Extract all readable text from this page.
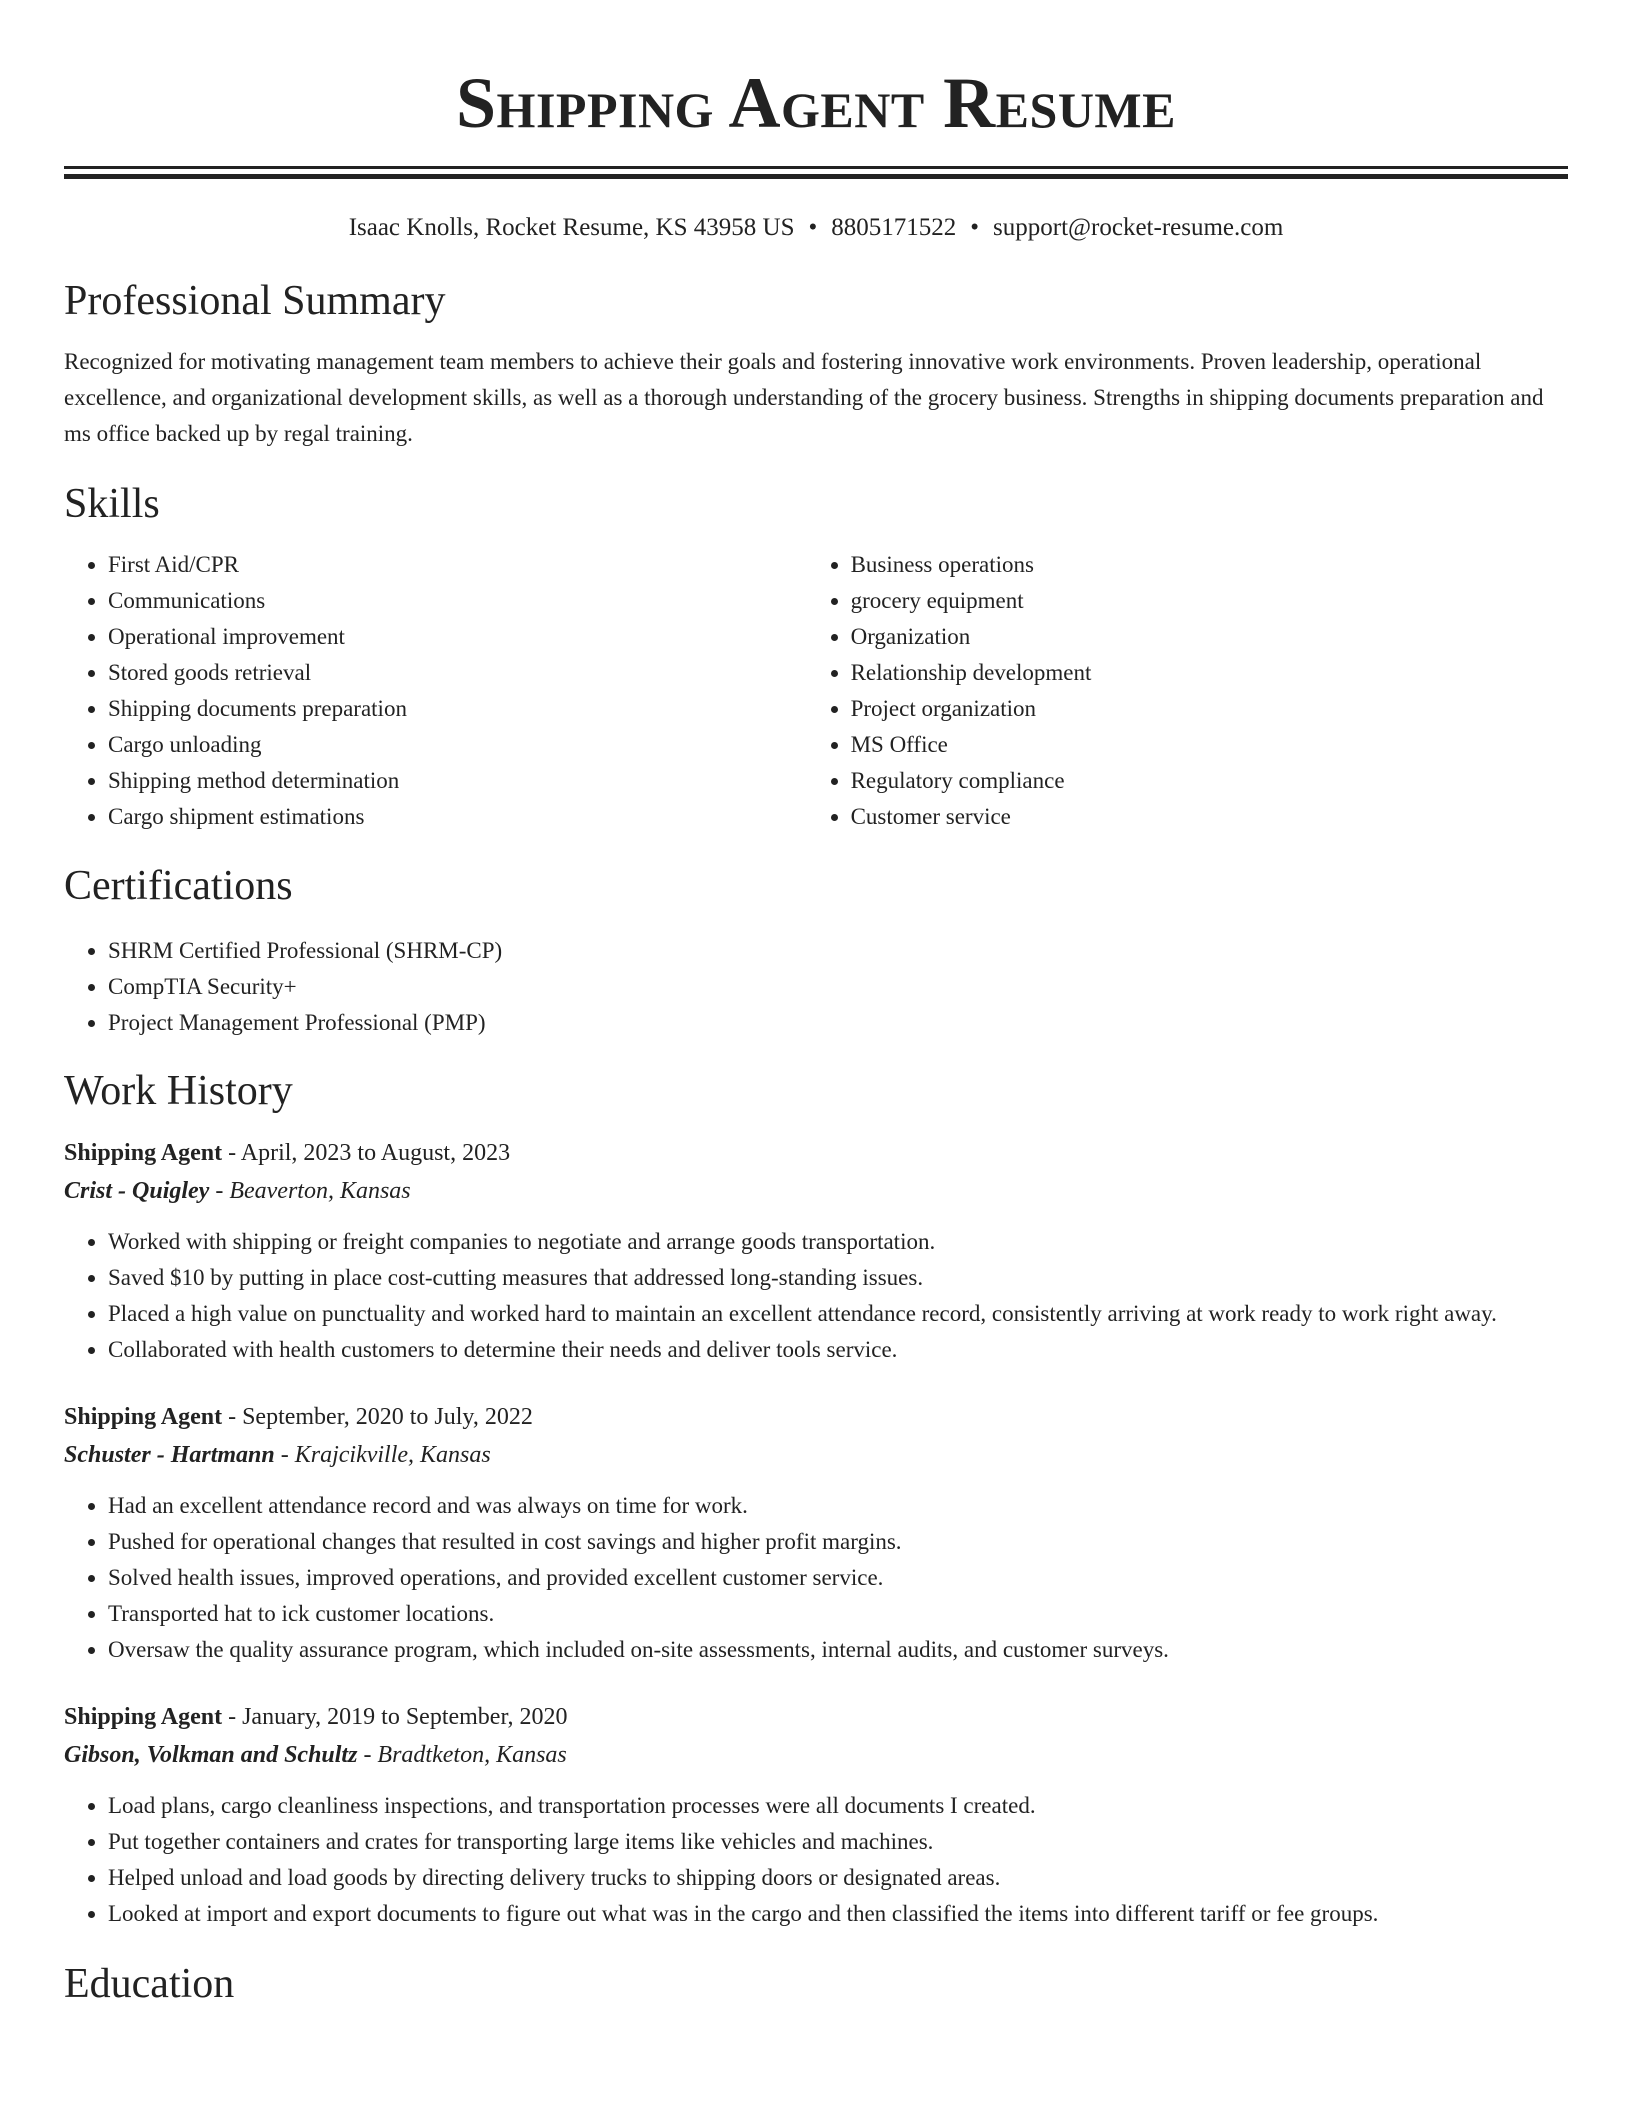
Shipping Agent Resume
Isaac Knolls, Rocket Resume, KS 43958 US • 8805171522 • support@rocket-resume.com
Professional Summary

Recognized for motivating management team members to achieve their goals and fostering innovative work environments. Proven leadership, operational excellence, and organizational development skills, as well as a thorough understanding of the grocery business. Strengths in shipping documents preparation and ms office backed up by regal training.

Skills
• First Aid/CPR
• Communications
• Operational improvement
• Stored goods retrieval
• Shipping documents preparation
• Cargo unloading
• Shipping method determination
• Cargo shipment estimations
• Business operations
• grocery equipment
• Organization
• Relationship development
• Project organization
• MS Office
• Regulatory compliance
• Customer service
Certifications
• SHRM Certified Professional (SHRM-CP)
• CompTIA Security+
• Project Management Professional (PMP)
Work History
Shipping Agent - April, 2023 to August, 2023
Crist - Quigley - Beaverton, Kansas
• Worked with shipping or freight companies to negotiate and arrange goods transportation.
• Saved $10 by putting in place cost-cutting measures that addressed long-standing issues.
• Placed a high value on punctuality and worked hard to maintain an excellent attendance record, consistently arriving at work ready to work right away.
• Collaborated with health customers to determine their needs and deliver tools service.
Shipping Agent - September, 2020 to July, 2022
Schuster - Hartmann - Krajcikville, Kansas
• Had an excellent attendance record and was always on time for work.
• Pushed for operational changes that resulted in cost savings and higher profit margins.
• Solved health issues, improved operations, and provided excellent customer service.
• Transported hat to ick customer locations.
• Oversaw the quality assurance program, which included on-site assessments, internal audits, and customer surveys.
Shipping Agent - January, 2019 to September, 2020
Gibson, Volkman and Schultz - Bradtketon, Kansas
• Load plans, cargo cleanliness inspections, and transportation processes were all documents I created.
• Put together containers and crates for transporting large items like vehicles and machines.
• Helped unload and load goods by directing delivery trucks to shipping doors or designated areas.
• Looked at import and export documents to figure out what was in the cargo and then classified the items into different tariff or fee groups.
Education
